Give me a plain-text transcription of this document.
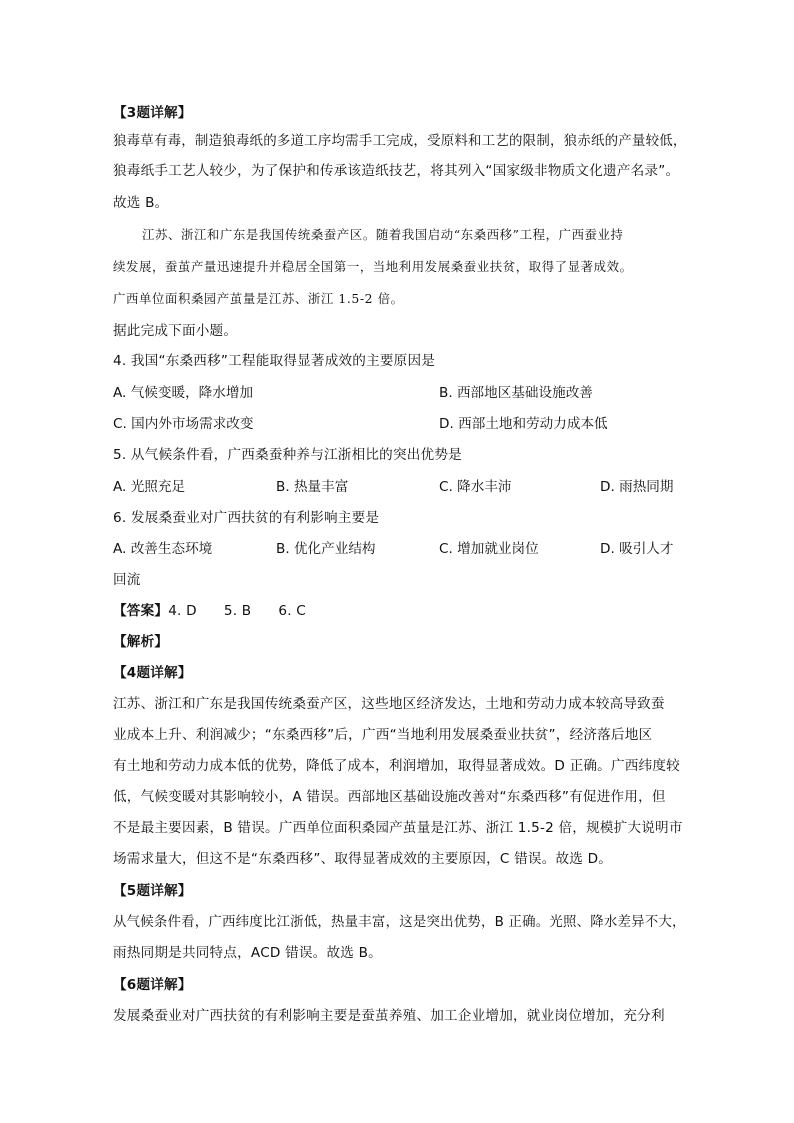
【3题详解】
狼毒草有毒，制造狼毒纸的多道工序均需手工完成，受原料和工艺的限制，狼赤纸的产量较低，
狼毒纸手工艺人较少，为了保护和传承该造纸技艺，将其列入“国家级非物质文化遗产名录”。
故选 B。
江苏、浙江和广东是我国传统桑蚕产区。随着我国启动“东桑西移”工程，广西蚕业持
续发展，蚕茧产量迅速提升并稳居全国第一，当地利用发展桑蚕业扶贫，取得了显著成效。
广西单位面积桑园产茧量是江苏、浙江 1.5-2 倍。
据此完成下面小题。
4. 我国“东桑西移”工程能取得显著成效的主要原因是
A. 气候变暖，降水增加	B. 西部地区基础设施改善
C. 国内外市场需求改变	D. 西部土地和劳动力成本低
5. 从气候条件看，广西桑蚕种养与江浙相比的突出优势是
A. 光照充足	B. 热量丰富	C. 降水丰沛	D. 雨热同期
6. 发展桑蚕业对广西扶贫的有利影响主要是
A. 改善生态环境	B. 优化产业结构	C. 增加就业岗位	D. 吸引人才
回流
【答案】4. D      5. B      6. C
【解析】
【4题详解】
江苏、浙江和广东是我国传统桑蚕产区，这些地区经济发达，土地和劳动力成本较高导致蚕
业成本上升、利润减少；“东桑西移”后，广西“当地利用发展桑蚕业扶贫”，经济落后地区
有土地和劳动力成本低的优势，降低了成本，利润增加，取得显著成效。D 正确。广西纬度较
低，气候变暖对其影响较小，A 错误。西部地区基础设施改善对“东桑西移”有促进作用，但
不是最主要因素，B 错误。广西单位面积桑园产茧量是江苏、浙江 1.5-2 倍，规模扩大说明市
场需求量大，但这不是“东桑西移”、取得显著成效的主要原因，C 错误。故选 D。
【5题详解】
从气候条件看，广西纬度比江浙低，热量丰富，这是突出优势，B 正确。光照、降水差异不大，
雨热同期是共同特点，ACD 错误。故选 B。
【6题详解】
发展桑蚕业对广西扶贫的有利影响主要是蚕茧养殖、加工企业增加，就业岗位增加，充分利
